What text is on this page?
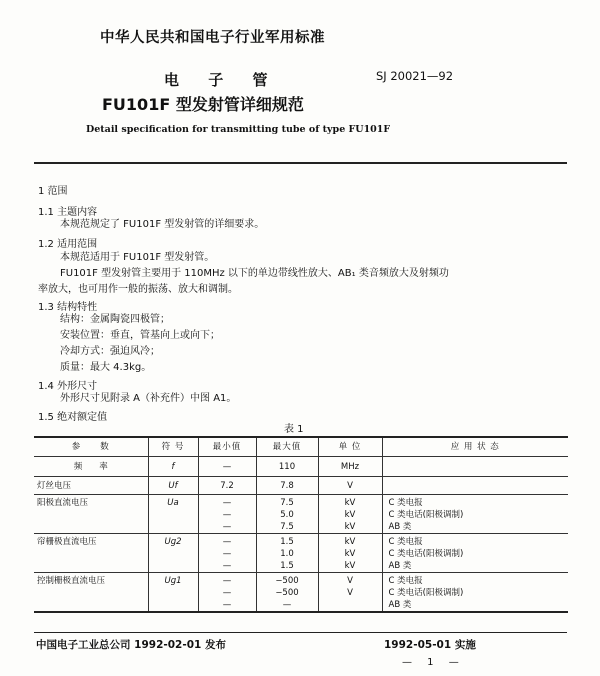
中华人民共和国电子行业军用标准
电 子 管	SJ 20021—92
FU101F 型发射管详细规范
Detail specification for transmitting tube of type FU101F
1 范围
1.1 主题内容
本规范规定了 FU101F 型发射管的详细要求。
1.2 适用范围
本规范适用于 FU101F 型发射管。
FU101F 型发射管主要用于 110MHz 以下的单边带线性放大、AB₁ 类音频放大及射频功
率放大，也可用作一般的振荡、放大和调制。
1.3 结构特性
结构：金属陶瓷四极管；
安装位置：垂直，管基向上或向下；
冷却方式：强迫风冷；
质量：最大 4.3kg。
1.4 外形尺寸
外形尺寸见附录 A（补充件）中图 A1。
1.5 绝对额定值
表 1
参　　数	符 号	最小值	最大值	单 位	应 用 状 态
频　　率	f	—	110	MHz	
灯丝电压	Uf	7.2	7.8	V	
阳极直流电压	Ua	—	7.5	kV	C 类电报
		—	5.0	kV	C 类电话(阳极调制)
		—	7.5	kV	AB 类
帘栅极直流电压	Ug2	—	1.5	kV	C 类电报
		—	1.0	kV	C 类电话(阳极调制)
		—	1.5	kV	AB 类
控制栅极直流电压	Ug1	—	−500	V	C 类电报
		—	−500	V	C 类电话(阳极调制)
		—	—		AB 类
中国电子工业总公司 1992-02-01 发布	1992-05-01 实施
— 1 —
